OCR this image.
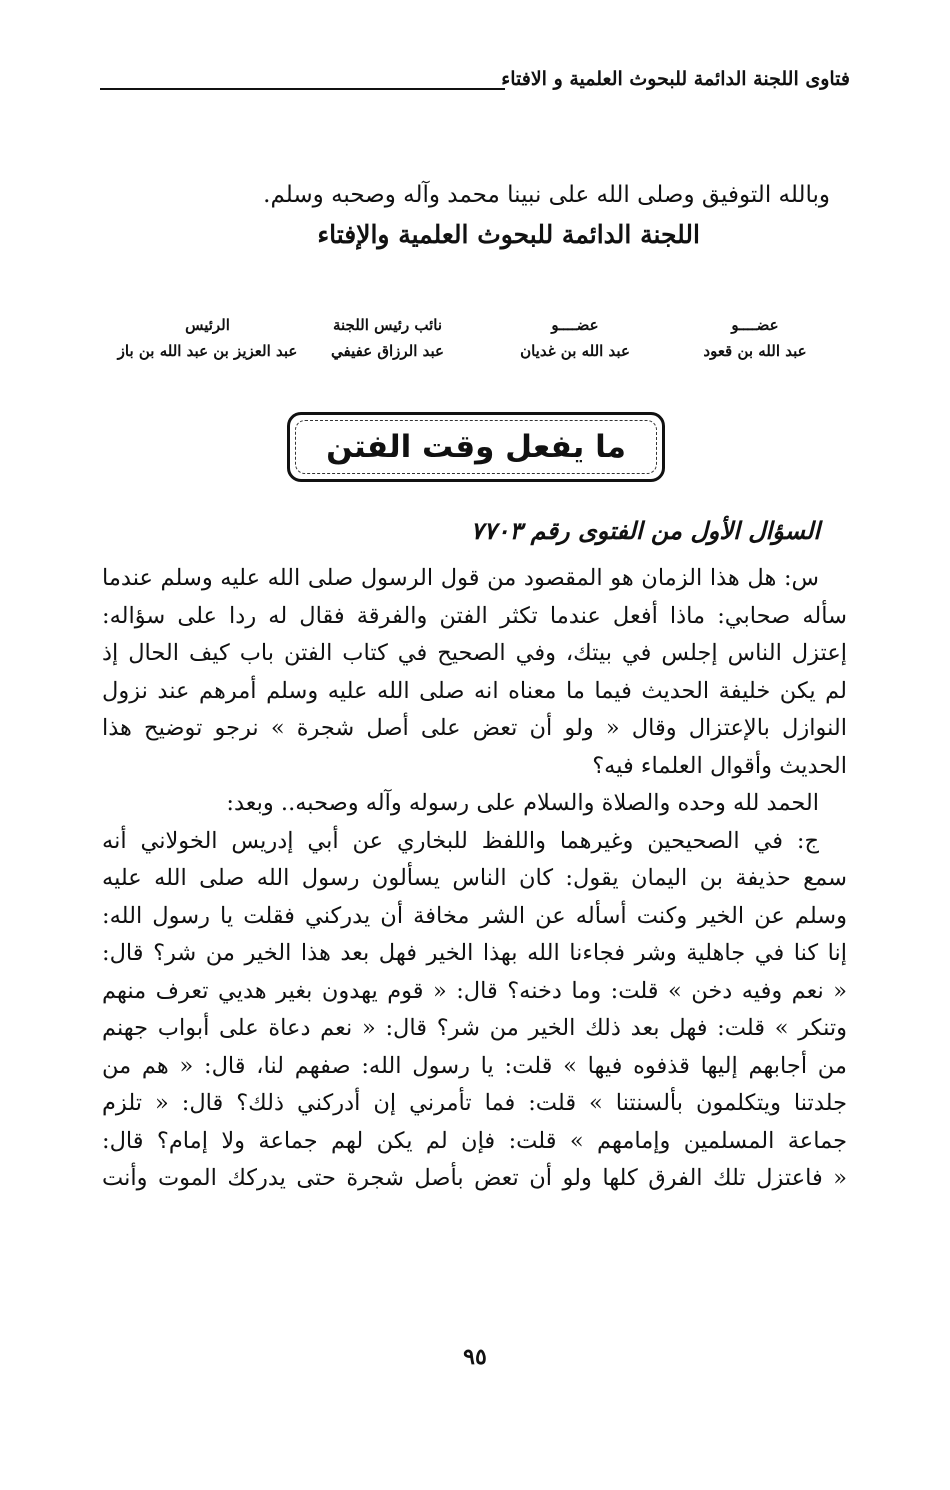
فتاوى اللجنة الدائمة للبحوث العلمية و الافتاء
وبالله التوفيق وصلى الله على نبينا محمد وآله وصحبه وسلم.
اللجنة الدائمة للبحوث العلمية والإفتاء
عضــــو
عبد الله بن قعود
عضــــو
عبد الله بن غديان
نائب رئيس اللجنة
عبد الرزاق عفيفي
الرئيس
عبد العزيز بن عبد الله بن باز
ما يفعل وقت الفتن
السؤال الأول من الفتوى رقم ٧٧٠٣
س: هل هذا الزمان هو المقصود من قول الرسول صلى الله عليه وسلم عندما
سأله صحابي: ماذا أفعل عندما تكثر الفتن والفرقة فقال له ردا على سؤاله:
إعتزل الناس إجلس في بيتك، وفي الصحيح في كتاب الفتن باب كيف الحال إذ
لم يكن خليفة الحديث فيما ما معناه انه صلى الله عليه وسلم أمرهم عند نزول
النوازل بالإعتزال وقال « ولو أن تعض على أصل شجرة » نرجو توضيح هذا
الحديث وأقوال العلماء فيه؟
الحمد لله وحده والصلاة والسلام على رسوله وآله وصحبه.. وبعد:
ج: في الصحيحين وغيرهما واللفظ للبخاري عن أبي إدريس الخولاني أنه
سمع حذيفة بن اليمان يقول: كان الناس يسألون رسول الله صلى الله عليه
وسلم عن الخير وكنت أسأله عن الشر مخافة أن يدركني فقلت يا رسول الله:
إنا كنا في جاهلية وشر فجاءنا الله بهذا الخير فهل بعد هذا الخير من شر؟ قال:
« نعم وفيه دخن » قلت: وما دخنه؟ قال: « قوم يهدون بغير هديي تعرف منهم
وتنكر » قلت: فهل بعد ذلك الخير من شر؟ قال: « نعم دعاة على أبواب جهنم
من أجابهم إليها قذفوه فيها » قلت: يا رسول الله: صفهم لنا، قال: « هم من
جلدتنا ويتكلمون بألسنتنا » قلت: فما تأمرني إن أدركني ذلك؟ قال: « تلزم
جماعة المسلمين وإمامهم » قلت: فإن لم يكن لهم جماعة ولا إمام؟ قال:
« فاعتزل تلك الفرق كلها ولو أن تعض بأصل شجرة حتى يدركك الموت وأنت
٩٥
